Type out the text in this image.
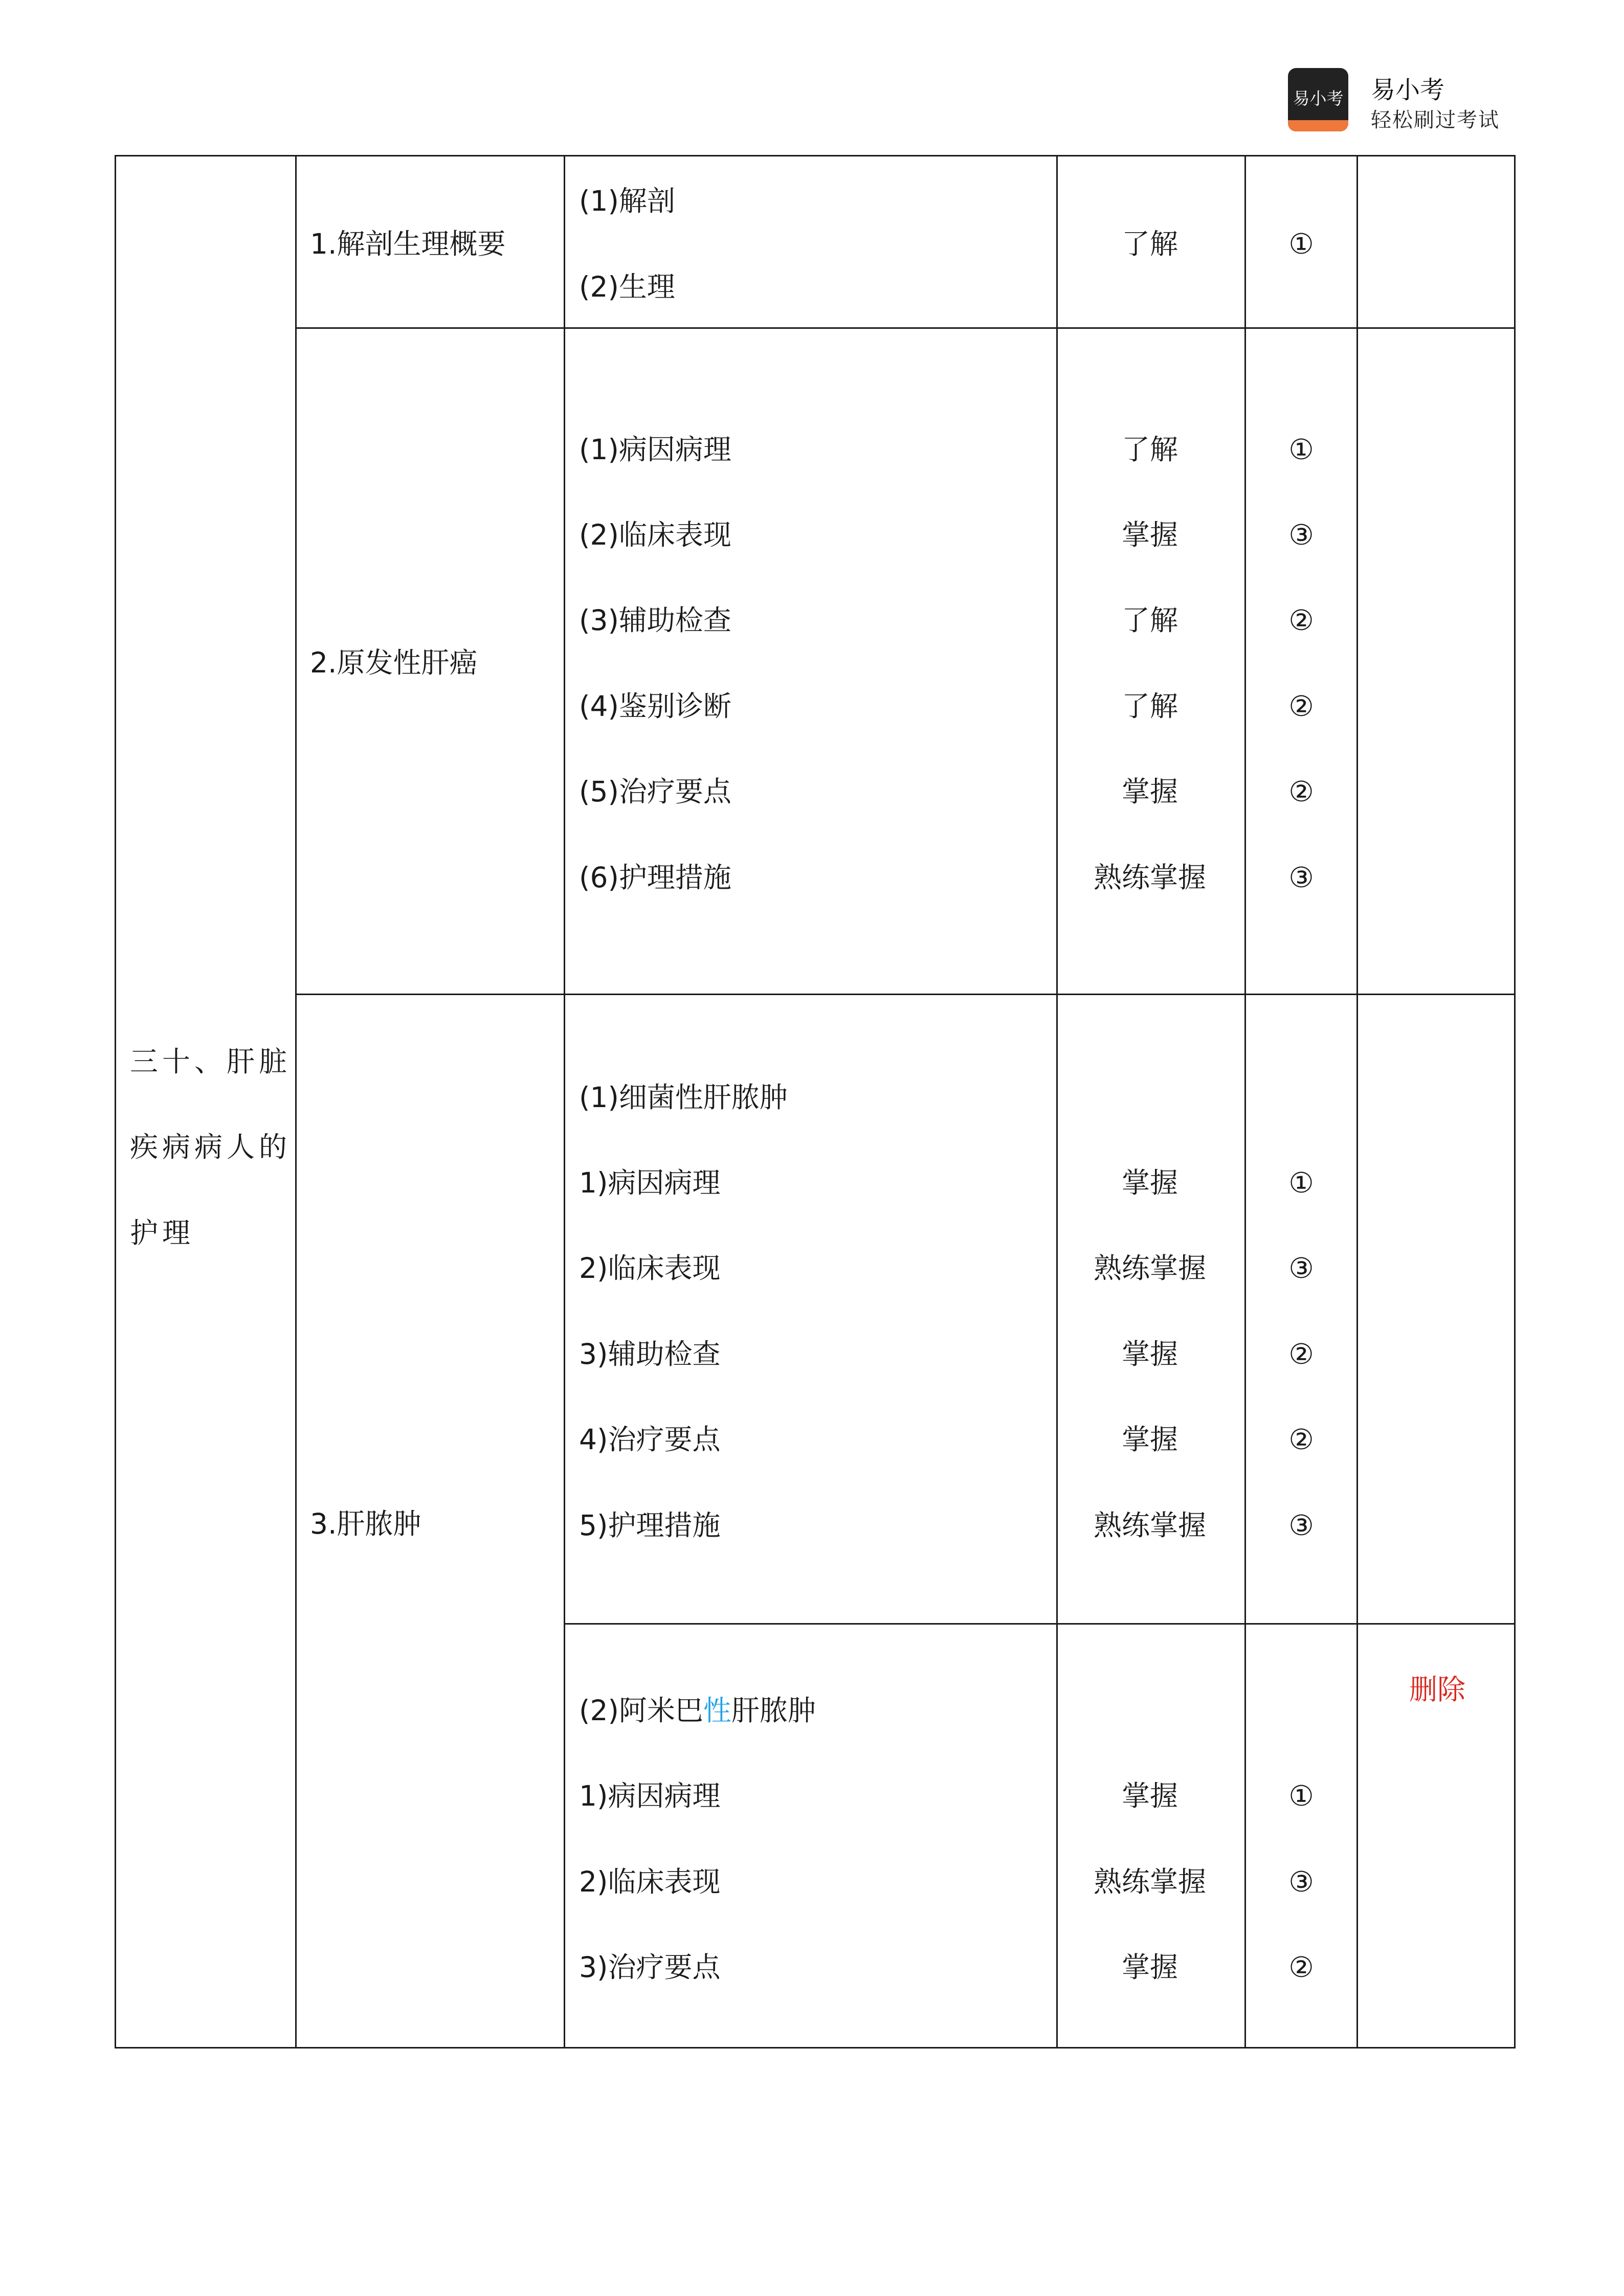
易小考 易小考
轻松刷过考试
三十、肝脏
疾病病人的
护理
1.解剖生理概要
(1)解剖
(2)生理
了解	①
2.原发性肝癌
(1)病因病理	了解	①
(2)临床表现	掌握	③
(3)辅助检查	了解	②
(4)鉴别诊断	了解	②
(5)治疗要点	掌握	②
(6)护理措施	熟练掌握	③
3.肝脓肿
(1)细菌性肝脓肿
1)病因病理	掌握	①
2)临床表现	熟练掌握	③
3)辅助检查	掌握	②
4)治疗要点	掌握	②
5)护理措施	熟练掌握	③
(2)阿米巴性肝脓肿
删除
1)病因病理	掌握	①
2)临床表现	熟练掌握	③
3)治疗要点	掌握	②
